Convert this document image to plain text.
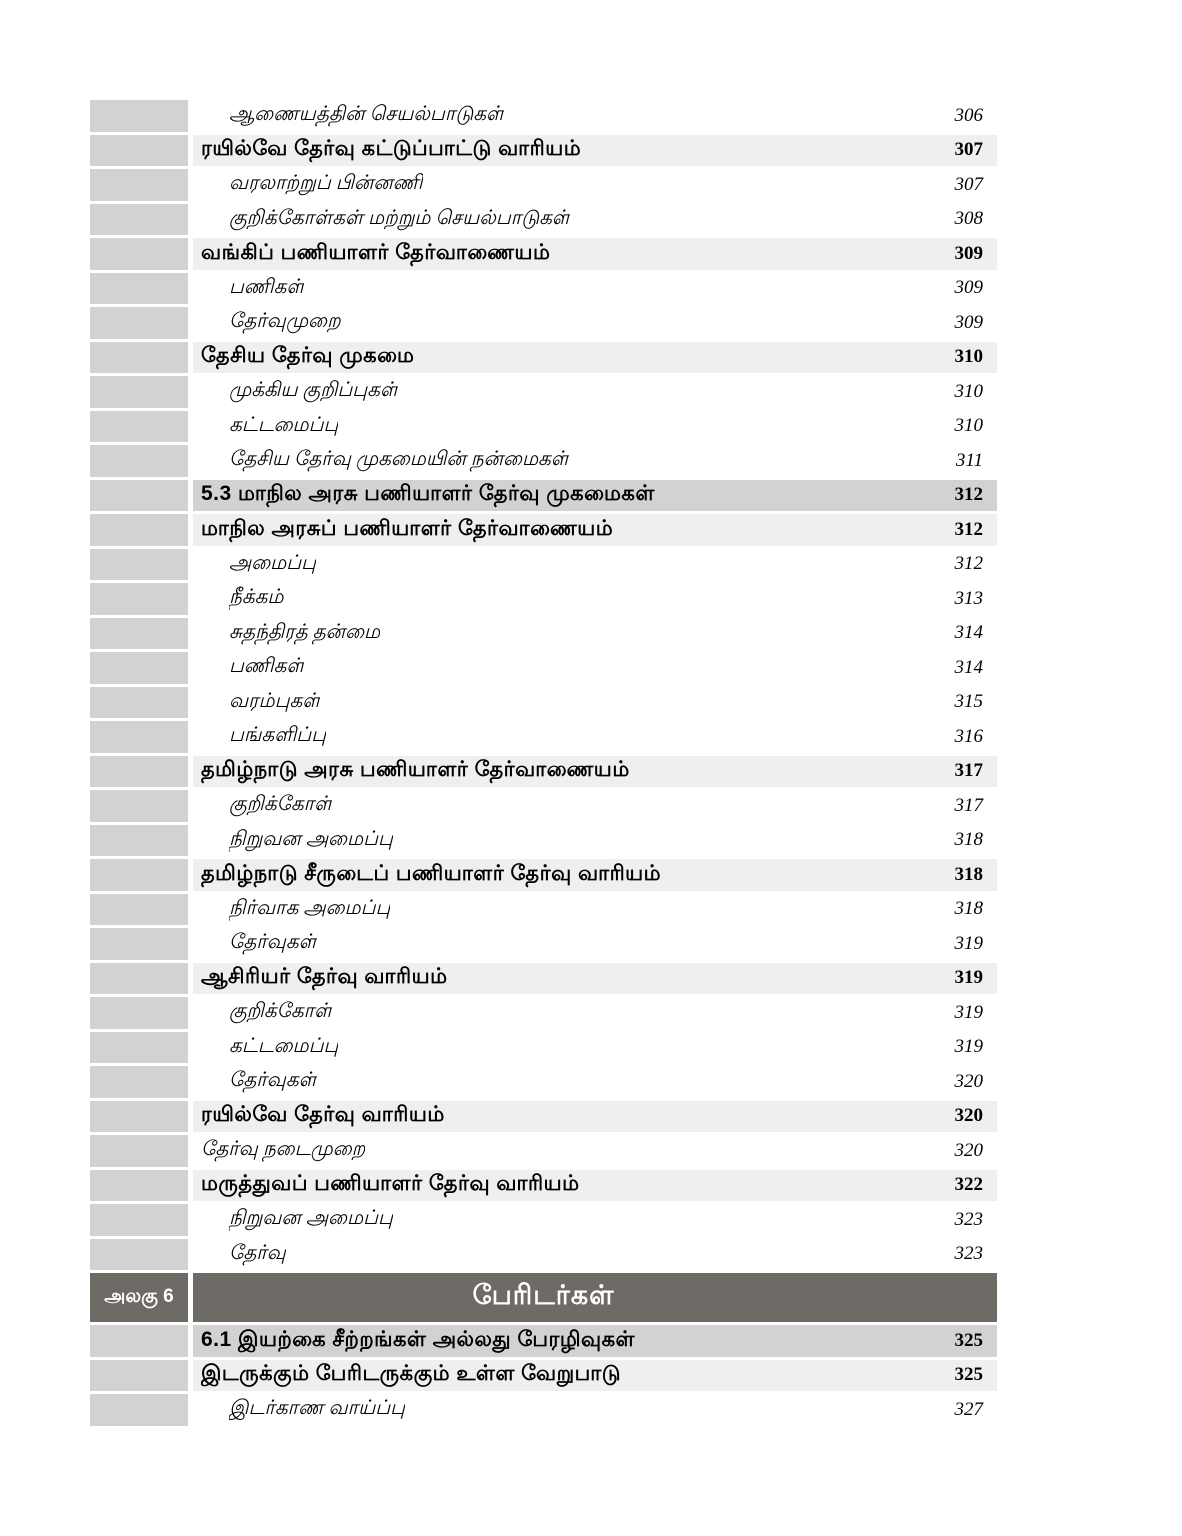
ஆணையத்தின் செயல்பாடுகள்	306
ரயில்வே தேர்வு கட்டுப்பாட்டு வாரியம்	307
வரலாற்றுப் பின்னணி	307
குறிக்கோள்கள் மற்றும் செயல்பாடுகள்	308
வங்கிப் பணியாளர் தேர்வாணையம்	309
பணிகள்	309
தேர்வுமுறை	309
தேசிய தேர்வு முகமை	310
முக்கிய குறிப்புகள்	310
கட்டமைப்பு	310
தேசிய தேர்வு முகமையின் நன்மைகள்	311
5.3 மாநில அரசு பணியாளர் தேர்வு முகமைகள்	312
மாநில அரசுப் பணியாளர் தேர்வாணையம்	312
அமைப்பு	312
நீக்கம்	313
சுதந்திரத் தன்மை	314
பணிகள்	314
வரம்புகள்	315
பங்களிப்பு	316
தமிழ்நாடு அரசு பணியாளர் தேர்வாணையம்	317
குறிக்கோள்	317
நிறுவன அமைப்பு	318
தமிழ்நாடு சீருடைப் பணியாளர் தேர்வு வாரியம்	318
நிர்வாக அமைப்பு	318
தேர்வுகள்	319
ஆசிரியர் தேர்வு வாரியம்	319
குறிக்கோள்	319
கட்டமைப்பு	319
தேர்வுகள்	320
ரயில்வே தேர்வு வாரியம்	320
தேர்வு நடைமுறை	320
மருத்துவப் பணியாளர் தேர்வு வாரியம்	322
நிறுவன அமைப்பு	323
தேர்வு	323
அலகு 6	பேரிடர்கள்
6.1 இயற்கை சீற்றங்கள் அல்லது பேரழிவுகள்	325
இடருக்கும் பேரிடருக்கும் உள்ள வேறுபாடு	325
இடர்காண வாய்ப்பு	327
